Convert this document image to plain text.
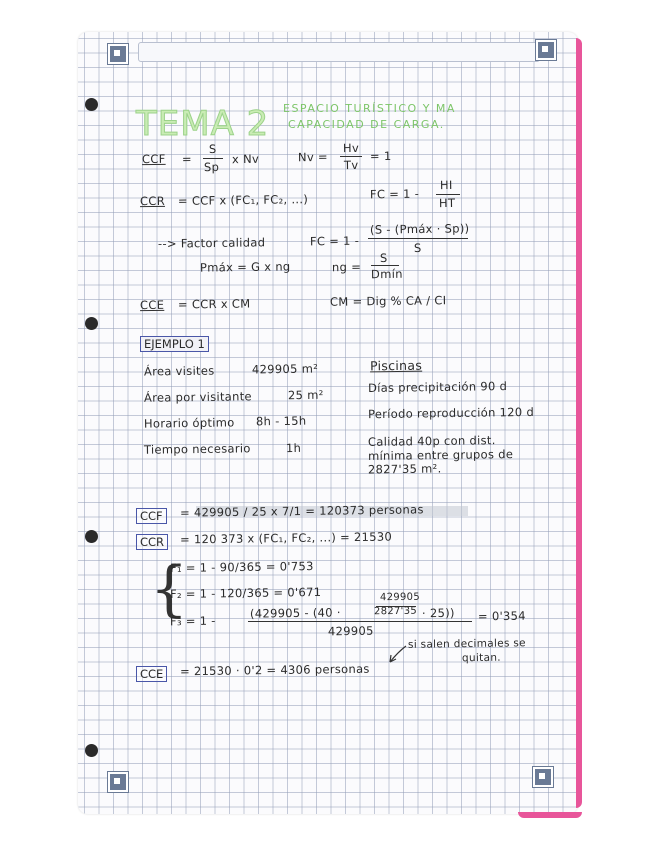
TEMA 2 ESPACIO TURÍSTICO Y MA
CAPACIDAD DE CARGA.
CCF =
S
Sp
x Nv	Nv =
Hv
Tv
= 1
CCR = CCF x (FC₁, FC₂, ...)	FC = 1 -
HI
HT
--> Factor calidad	FC = 1 -
(S - (Pmáx · Sp))
S
Pmáx = G x ng	ng =
S
Dmín
CCE = CCR x CM	CM = Dig % CA / CI
EJEMPLO 1
Área visites	429905 m²
Área por visitante	25 m²
Horario óptimo 8h - 15h
Tiempo necesario	1h
Piscinas
Días precipitación 90 d
Período reproducción 120 d
Calidad 40p con dist.
mínima entre grupos de
2827'35 m².
CCF	= 429905 / 25 x 7/1 = 120373 personas
CCR	= 120 373 x (FC₁, FC₂, ...) = 21530
{
F₁ = 1 - 90/365 = 0'753
F₂ = 1 - 120/365 = 0'671
F₃ = 1 -
429905
(429905 - (40 ·	2827'35 · 25))
429905
= 0'354
si salen decimales se
quitan.
CCE	= 21530 · 0'2 = 4306 personas
